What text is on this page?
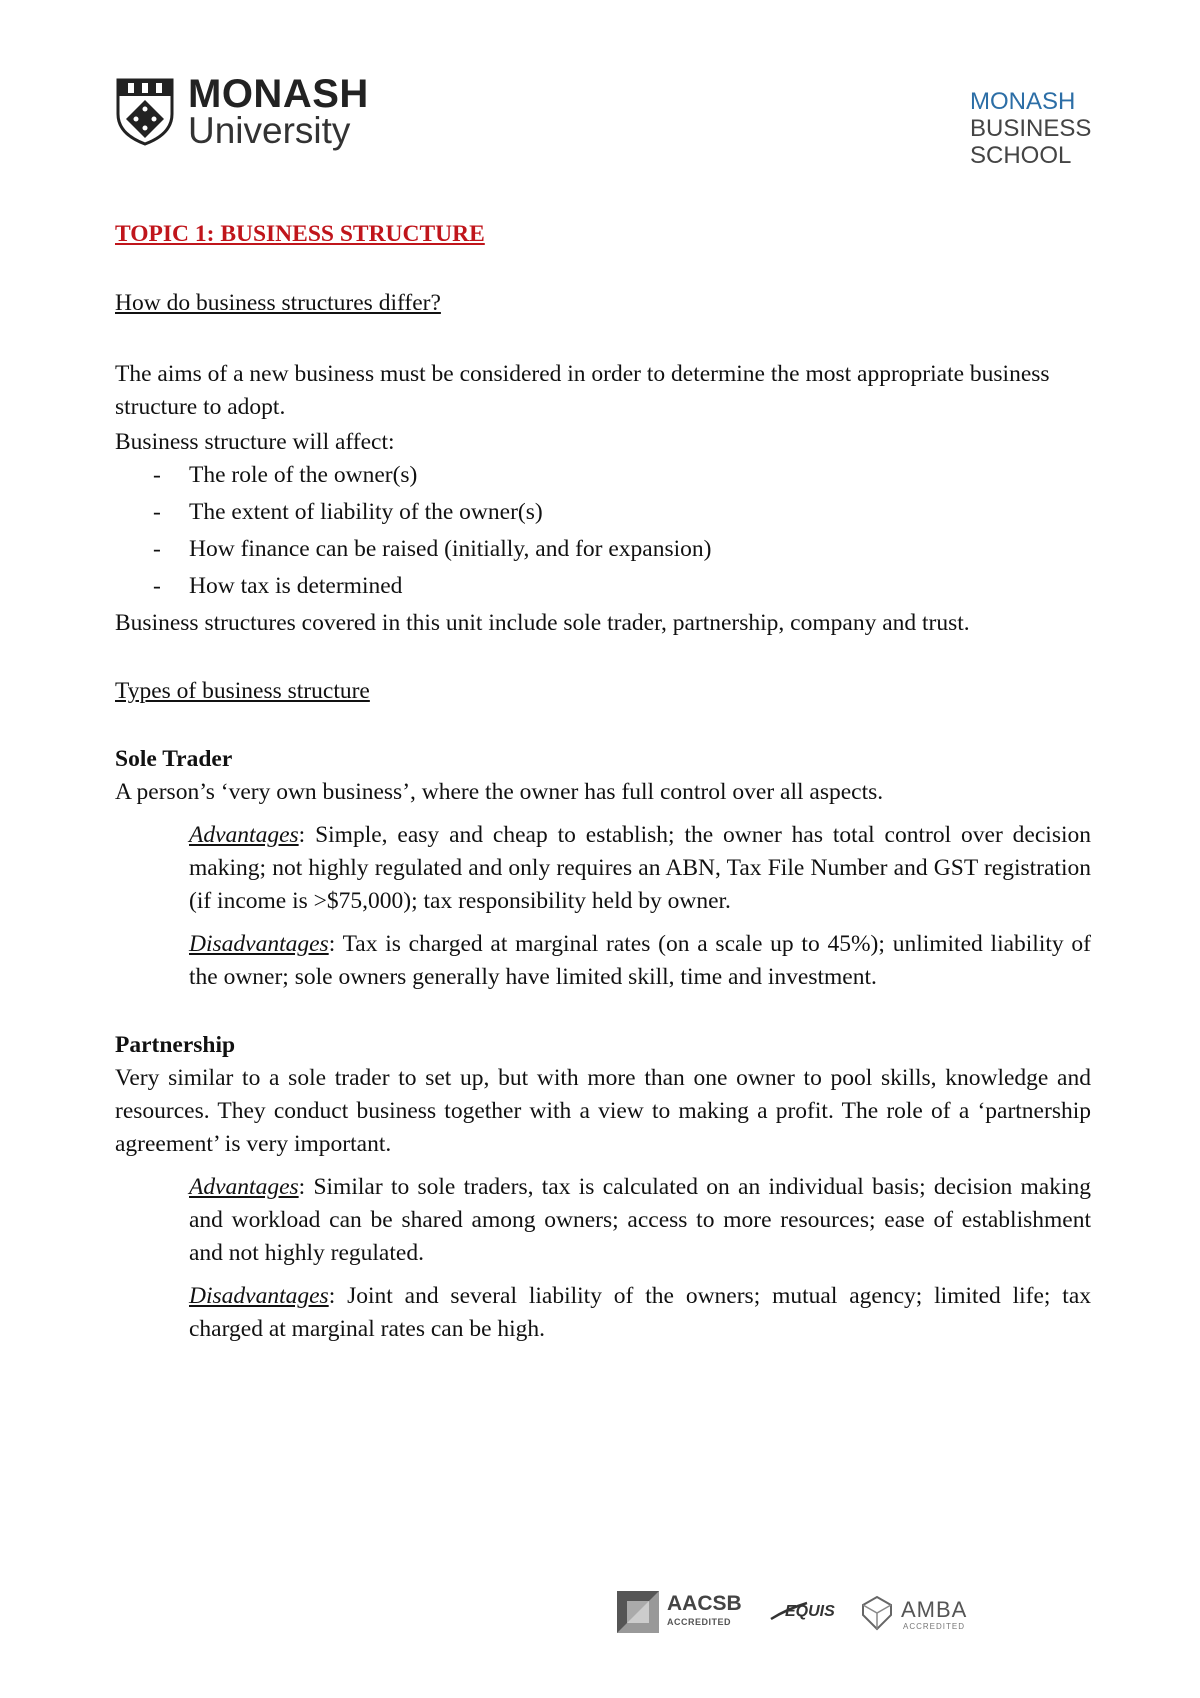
MONASH
University
MONASH
BUSINESS
SCHOOL

TOPIC 1: BUSINESS STRUCTURE

How do business structures differ?

The aims of a new business must be considered in order to determine the most appropriate business structure to adopt.

Business structure will affect:

- The role of the owner(s)
- The extent of liability of the owner(s)
- How finance can be raised (initially, and for expansion)
- How tax is determined

Business structures covered in this unit include sole trader, partnership, company and trust.

Types of business structure

Sole Trader

A person’s ‘very own business’, where the owner has full control over all aspects.

Advantages: Simple, easy and cheap to establish; the owner has total control over decision making; not highly regulated and only requires an ABN, Tax File Number and GST registration (if income is >$75,000); tax responsibility held by owner.

Disadvantages: Tax is charged at marginal rates (on a scale up to 45%); unlimited liability of the owner; sole owners generally have limited skill, time and investment.

Partnership

Very similar to a sole trader to set up, but with more than one owner to pool skills, knowledge and resources. They conduct business together with a view to making a profit. The role of a ‘partnership agreement’ is very important.

Advantages: Similar to sole traders, tax is calculated on an individual basis; decision making and workload can be shared among owners; access to more resources; ease of establishment and not highly regulated.

Disadvantages: Joint and several liability of the owners; mutual agency; limited life; tax charged at marginal rates can be high.

AACSB
ACCREDITED
EQUIS	AMBA
ACCREDITED
